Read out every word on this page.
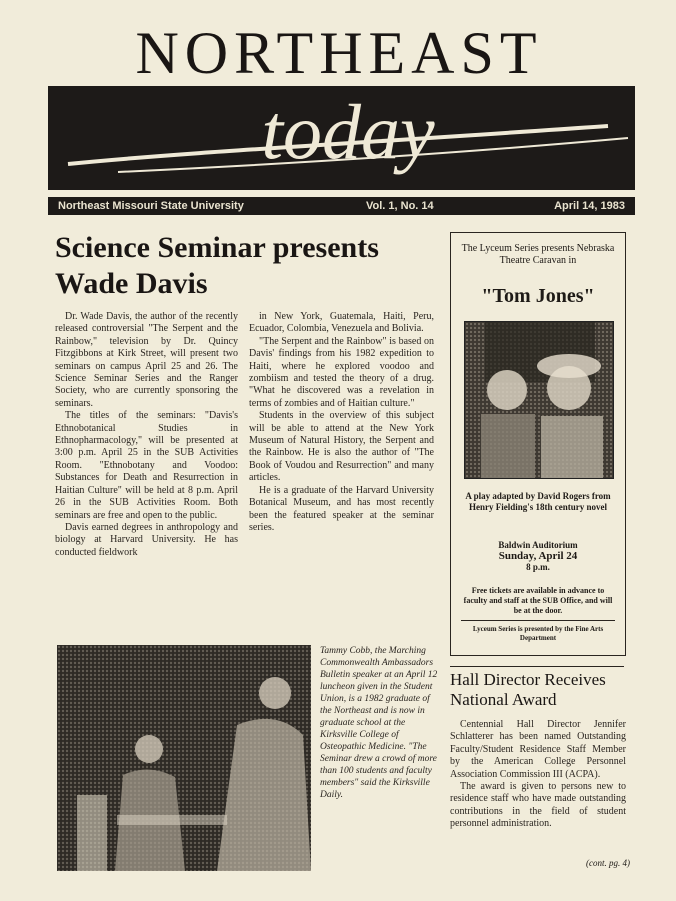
NORTHEAST
today
Northeast Missouri State University	Vol. 1, No. 14	April 14, 1983
Science Seminar presents Wade Davis

Dr. Wade Davis, the author of the recently released controversial "The Serpent and the Rainbow," television by Dr. Quincy Fitzgibbons at Kirk Street, will present two seminars on campus April 25 and 26. The Science Seminar Series and the Ranger Society, who are currently sponsoring the seminars.

The titles of the seminars: "Davis's Ethnobotanical Studies in Ethnopharmacology," will be presented at 3:00 p.m. April 25 in the SUB Activities Room. "Ethnobotany and Voodoo: Substances for Death and Resurrection in Haitian Culture" will be held at 8 p.m. April 26 in the SUB Activities Room. Both seminars are free and open to the public.

Davis earned degrees in anthropology and biology at Harvard University. He has conducted fieldwork

in New York, Guatemala, Haiti, Peru, Ecuador, Colombia, Venezuela and Bolivia.

"The Serpent and the Rainbow" is based on Davis' findings from his 1982 expedition to Haiti, where he explored voodoo and zombiism and tested the theory of a drug. "What he discovered was a revelation in terms of zombies and of Haitian culture."

Students in the overview of this subject will be able to attend at the New York Museum of Natural History, the Serpent and the Rainbow. He is also the author of "The Book of Voudou and Resurrection" and many articles.

He is a graduate of the Harvard University Botanical Museum, and has most recently been the featured speaker at the seminar series.

The Lyceum Series presents Nebraska Theatre Caravan in
"Tom Jones"
A play adapted by David Rogers from Henry Fielding's 18th century novel
Baldwin Auditorium
Sunday, April 24
8 p.m.
Free tickets are available in advance to faculty and staff at the SUB Office, and will be at the door.
Lyceum Series is presented by the Fine Arts Department
Tammy Cobb, the Marching Commonwealth Ambassadors Bulletin speaker at an April 12 luncheon given in the Student Union, is a 1982 graduate of the Northeast and is now in graduate school at the Kirksville College of Osteopathic Medicine. "The Seminar drew a crowd of more than 100 students and faculty members" said the Kirksville Daily.
Hall Director Receives National Award

Centennial Hall Director Jennifer Schlatterer has been named Outstanding Faculty/Student Residence Staff Member by the American College Personnel Association Commission III (ACPA).

The award is given to persons new to residence staff who have made outstanding contributions in the field of student personnel administration.

(cont. pg. 4)
